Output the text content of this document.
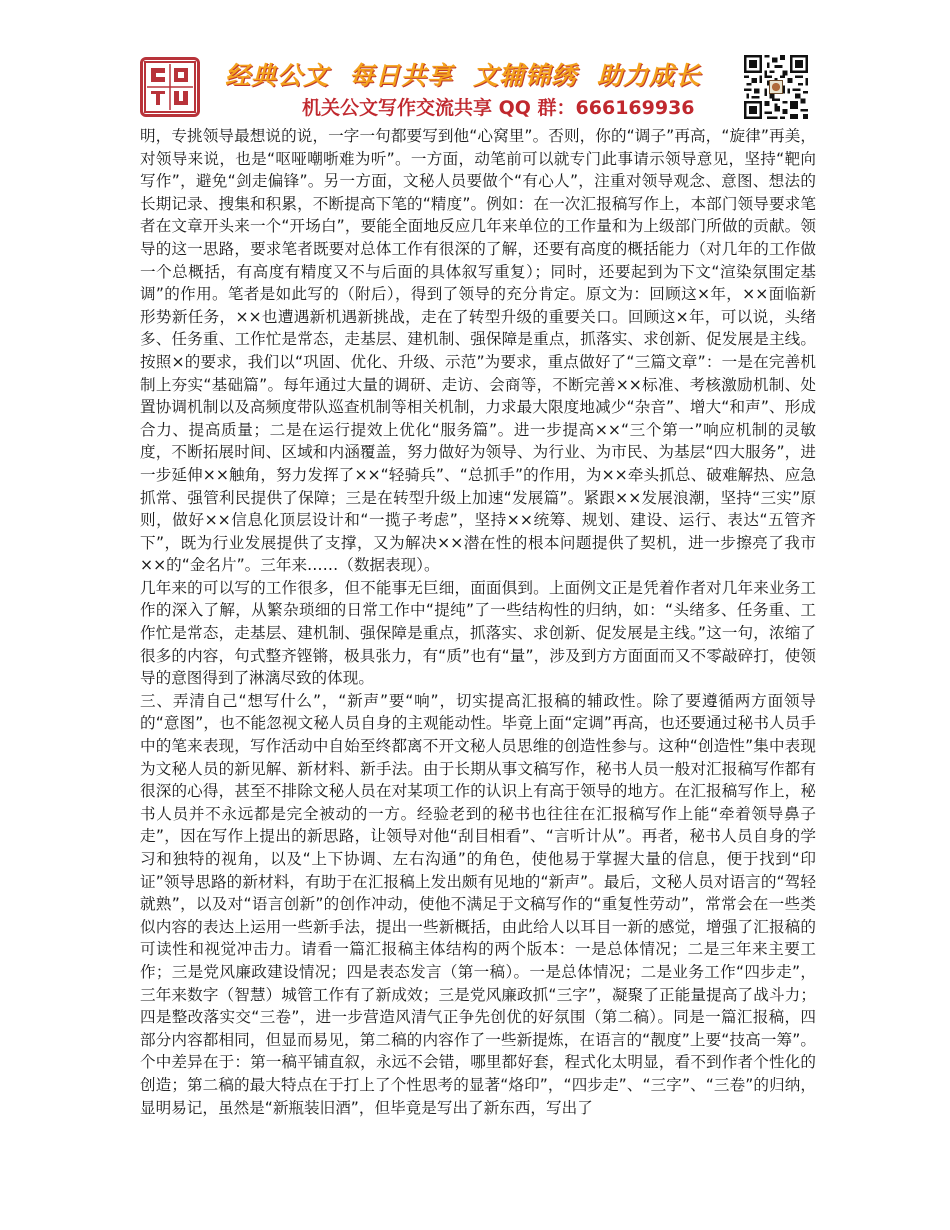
经典公文 每日共享 文辅锦绣 助力成长
机关公文写作交流共享 QQ 群：666169936

明，专挑领导最想说的说，一字一句都要写到他“心窝里”。否则，你的“调子”再高，“旋律”再美，对领导来说，也是“呕哑嘲哳难为听”。一方面，动笔前可以就专门此事请示领导意见，坚持“靶向写作”，避免“剑走偏锋”。另一方面，文秘人员要做个“有心人”，注重对领导观念、意图、想法的长期记录、搜集和积累，不断提高下笔的“精度”。例如：在一次汇报稿写作上，本部门领导要求笔者在文章开头来一个“开场白”，要能全面地反应几年来单位的工作量和为上级部门所做的贡献。领导的这一思路，要求笔者既要对总体工作有很深的了解，还要有高度的概括能力（对几年的工作做一个总概括，有高度有精度又不与后面的具体叙写重复）；同时，还要起到为下文“渲染氛围定基调”的作用。笔者是如此写的（附后），得到了领导的充分肯定。原文为：回顾这×年，××面临新形势新任务，××也遭遇新机遇新挑战，走在了转型升级的重要关口。回顾这×年，可以说，头绪多、任务重、工作忙是常态，走基层、建机制、强保障是重点，抓落实、求创新、促发展是主线。按照×的要求，我们以“巩固、优化、升级、示范”为要求，重点做好了“三篇文章”：一是在完善机制上夯实“基础篇”。每年通过大量的调研、走访、会商等，不断完善××标准、考核激励机制、处置协调机制以及高频度带队巡查机制等相关机制，力求最大限度地减少“杂音”、增大“和声”、形成合力、提高质量；二是在运行提效上优化“服务篇”。进一步提高××“三个第一”响应机制的灵敏度，不断拓展时间、区域和内涵覆盖，努力做好为领导、为行业、为市民、为基层“四大服务”，进一步延伸××触角，努力发挥了××“轻骑兵”、“总抓手”的作用，为××牵头抓总、破难解热、应急抓常、强管利民提供了保障；三是在转型升级上加速“发展篇”。紧跟××发展浪潮，坚持“三实”原则，做好××信息化顶层设计和“一揽子考虑”，坚持××统筹、规划、建设、运行、表达“五管齐下”，既为行业发展提供了支撑，又为解决××潜在性的根本问题提供了契机，进一步擦亮了我市××的“金名片”。三年来……（数据表现）。

几年来的可以写的工作很多，但不能事无巨细，面面俱到。上面例文正是凭着作者对几年来业务工作的深入了解，从繁杂琐细的日常工作中“提纯”了一些结构性的归纳，如：“头绪多、任务重、工作忙是常态，走基层、建机制、强保障是重点，抓落实、求创新、促发展是主线。”这一句，浓缩了很多的内容，句式整齐铿锵，极具张力，有“质”也有“量”，涉及到方方面面而又不零敲碎打，使领导的意图得到了淋漓尽致的体现。

三、弄清自己“想写什么”，“新声”要“响”，切实提高汇报稿的辅政性。除了要遵循两方面领导的“意图”，也不能忽视文秘人员自身的主观能动性。毕竟上面“定调”再高，也还要通过秘书人员手中的笔来表现，写作活动中自始至终都离不开文秘人员思维的创造性参与。这种“创造性”集中表现为文秘人员的新见解、新材料、新手法。由于长期从事文稿写作，秘书人员一般对汇报稿写作都有很深的心得，甚至不排除文秘人员在对某项工作的认识上有高于领导的地方。在汇报稿写作上，秘书人员并不永远都是完全被动的一方。经验老到的秘书也往往在汇报稿写作上能“牵着领导鼻子走”，因在写作上提出的新思路，让领导对他“刮目相看”、“言听计从”。再者，秘书人员自身的学习和独特的视角，以及“上下协调、左右沟通”的角色，使他易于掌握大量的信息，便于找到“印证”领导思路的新材料，有助于在汇报稿上发出颇有见地的“新声”。最后，文秘人员对语言的“驾轻就熟”，以及对“语言创新”的创作冲动，使他不满足于文稿写作的“重复性劳动”，常常会在一些类似内容的表达上运用一些新手法，提出一些新概括，由此给人以耳目一新的感觉，增强了汇报稿的可读性和视觉冲击力。请看一篇汇报稿主体结构的两个版本：一是总体情况；二是三年来主要工作；三是党风廉政建设情况；四是表态发言（第一稿）。一是总体情况；二是业务工作“四步走”，三年来数字（智慧）城管工作有了新成效；三是党风廉政抓“三字”，凝聚了正能量提高了战斗力；四是整改落实交“三卷”，进一步营造风清气正争先创优的好氛围（第二稿）。同是一篇汇报稿，四部分内容都相同，但显而易见，第二稿的内容作了一些新提炼，在语言的“靓度”上要“技高一筹”。个中差异在于：第一稿平铺直叙，永远不会错，哪里都好套，程式化太明显，看不到作者个性化的创造；第二稿的最大特点在于打上了个性思考的显著“烙印”，“四步走”、“三字”、“三卷”的归纳，显明易记，虽然是“新瓶装旧酒”，但毕竟是写出了新东西，写出了
